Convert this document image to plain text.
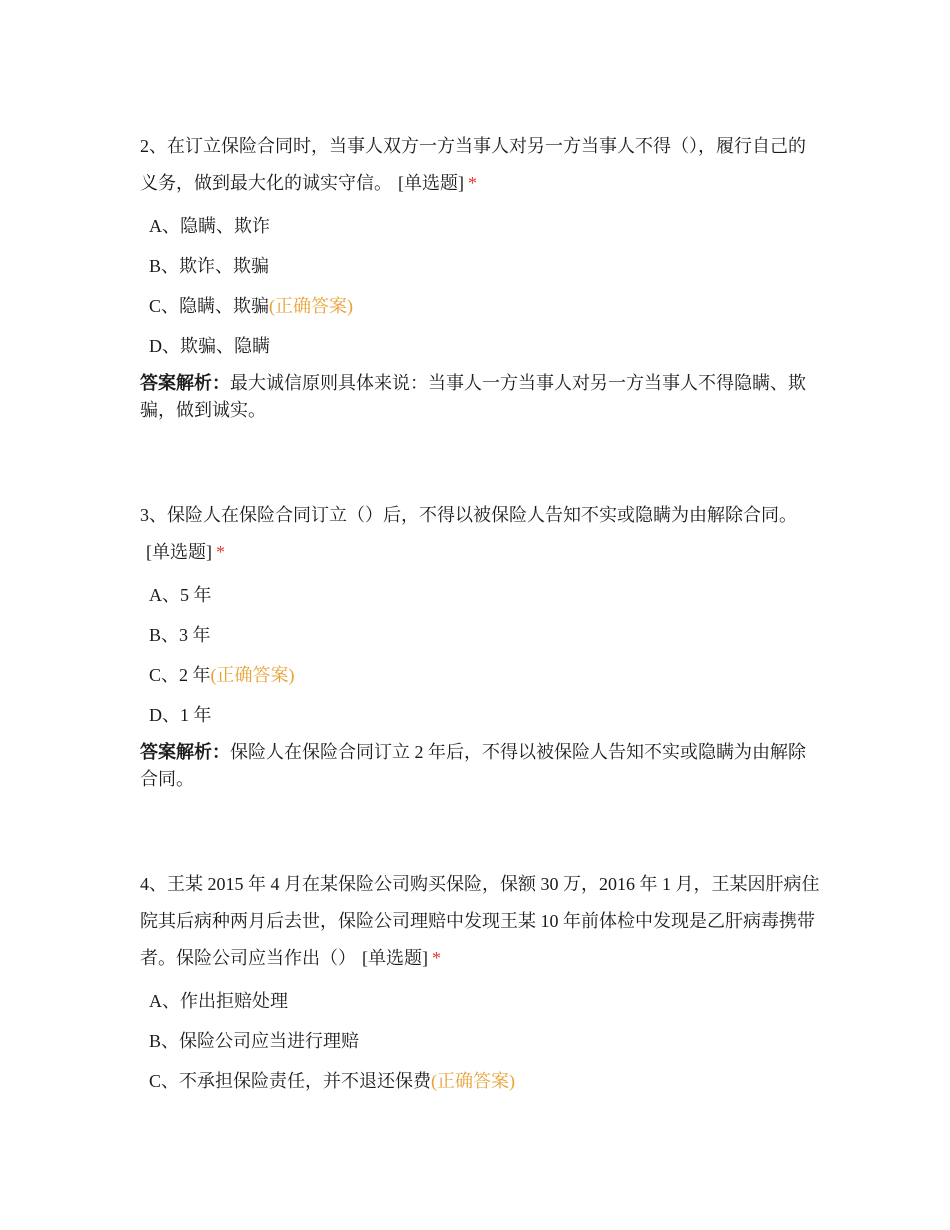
2、在订立保险合同时，当事人双方一方当事人对另一方当事人不得（），履行自己的义务，做到最大化的诚实守信。 [单选题] *

A、隐瞒、欺诈
B、欺诈、欺骗
C、隐瞒、欺骗(正确答案)
D、欺骗、隐瞒
答案解析：最大诚信原则具体来说：当事人一方当事人对另一方当事人不得隐瞒、欺骗，做到诚实。

3、保险人在保险合同订立（）后，不得以被保险人告知不实或隐瞒为由解除合同。[单选题] *

A、5 年
B、3 年
C、2 年(正确答案)
D、1 年
答案解析：保险人在保险合同订立 2 年后，不得以被保险人告知不实或隐瞒为由解除合同。

4、王某 2015 年 4 月在某保险公司购买保险，保额 30 万，2016 年 1 月，王某因肝病住院其后病种两月后去世，保险公司理赔中发现王某 10 年前体检中发现是乙肝病毒携带者。保险公司应当作出（） [单选题] *

A、作出拒赔处理
B、保险公司应当进行理赔
C、不承担保险责任，并不退还保费(正确答案)
